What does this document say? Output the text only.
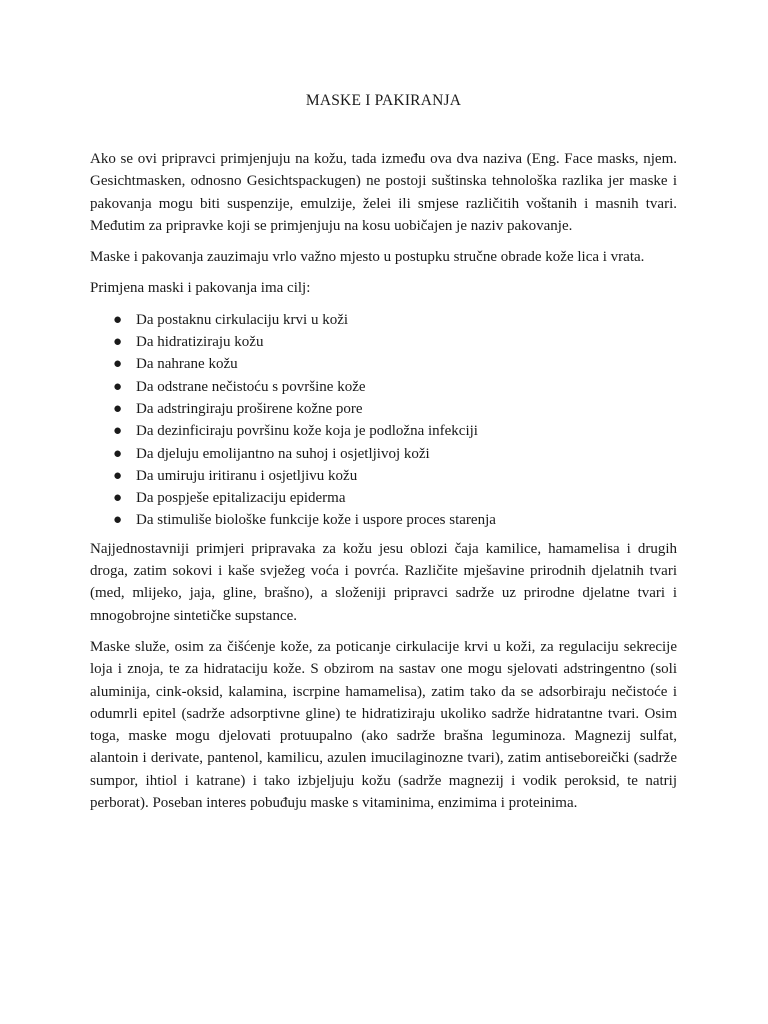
MASKE I PAKIRANJA

Ako se ovi pripravci primjenjuju na kožu, tada između ova dva naziva (Eng. Face masks, njem. Gesichtmasken, odnosno Gesichtspackugen) ne postoji suštinska tehnološka razlika jer maske i pakovanja mogu biti suspenzije, emulzije, želei ili smjese različitih voštanih i masnih tvari. Međutim za pripravke koji se primjenjuju na kosu uobičajen je naziv pakovanje.

Maske i pakovanja zauzimaju vrlo važno mjesto u postupku stručne obrade kože lica i vrata.

Primjena maski i pakovanja ima cilj:

● Da postaknu cirkulaciju krvi u koži
● Da hidratiziraju kožu
● Da nahrane kožu
● Da odstrane nečistoću s površine kože
● Da adstringiraju proširene kožne pore
● Da dezinficiraju površinu kože koja je podložna infekciji
● Da djeluju emolijantno na suhoj i osjetljivoj koži
● Da umiruju iritiranu i osjetljivu kožu
● Da pospješe epitalizaciju epiderma
● Da stimuliše biološke funkcije kože i uspore proces starenja

Najjednostavniji primjeri pripravaka za kožu jesu oblozi čaja kamilice, hamamelisa i drugih droga, zatim sokovi i kaše svježeg voća i povrća. Različite mješavine prirodnih djelatnih tvari (med, mlijeko, jaja, gline, brašno), a složeniji pripravci sadrže uz prirodne djelatne tvari i mnogobrojne sintetičke supstance.

Maske služe, osim za čišćenje kože, za poticanje cirkulacije krvi u koži, za regulaciju sekrecije loja i znoja, te za hidrataciju kože. S obzirom na sastav one mogu sjelovati adstringentno (soli aluminija, cink-oksid, kalamina, iscrpine hamamelisa), zatim tako da se adsorbiraju nečistoće i odumrli epitel (sadrže adsorptivne gline) te hidratiziraju ukoliko sadrže hidratantne tvari. Osim toga, maske mogu djelovati protuupalno (ako sadrže brašna leguminoza. Magnezij sulfat, alantoin i derivate, pantenol, kamilicu, azulen imucilaginozne tvari), zatim antiseboreički (sadrže sumpor, ihtiol i katrane) i tako izbjeljuju kožu (sadrže magnezij i vodik peroksid, te natrij perborat). Poseban interes pobuđuju maske s vitaminima, enzimima i proteinima.
